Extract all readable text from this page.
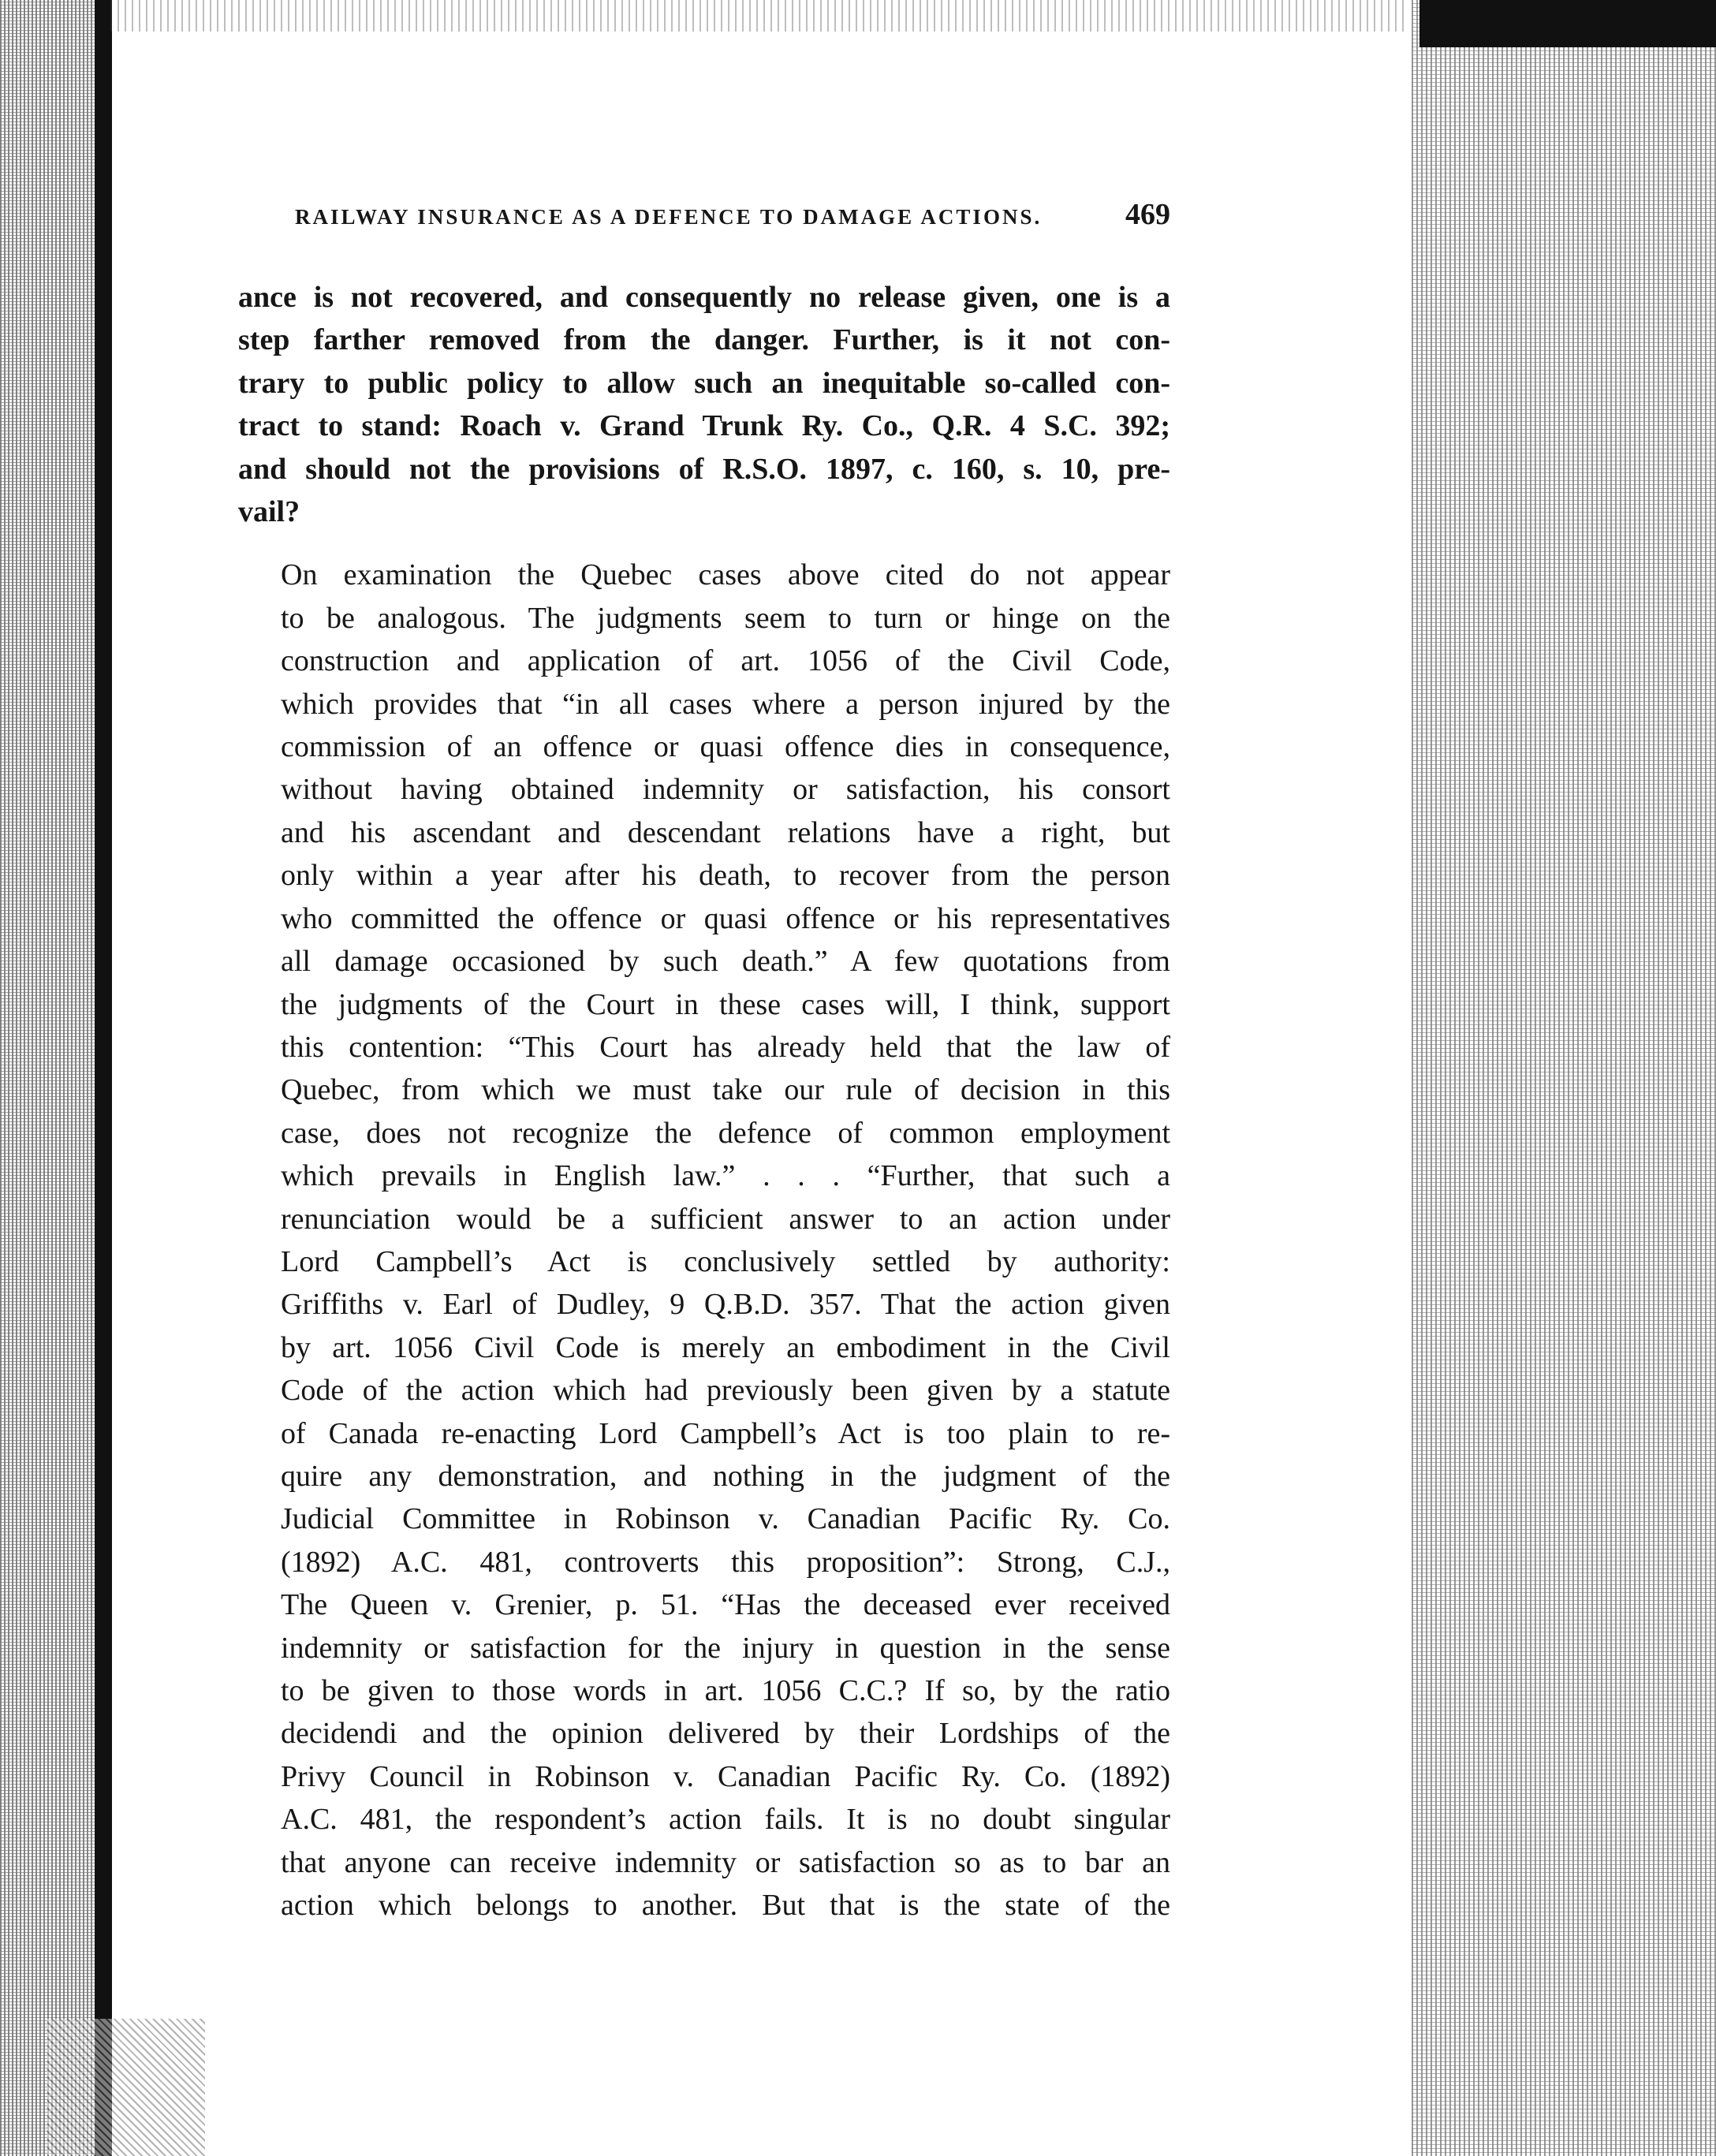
RAILWAY INSURANCE AS A DEFENCE TO DAMAGE ACTIONS.	469

ance is not recovered, and consequently no release given, one is a
step farther removed from the danger. Further, is it not con-
trary to public policy to allow such an inequitable so-called con-
tract to stand: Roach v. Grand Trunk Ry. Co., Q.R. 4 S.C. 392;
and should not the provisions of R.S.O. 1897, c. 160, s. 10, pre-
vail?

On examination the Quebec cases above cited do not appear
to be analogous. The judgments seem to turn or hinge on the
construction and application of art. 1056 of the Civil Code,
which provides that “in all cases where a person injured by the
commission of an offence or quasi offence dies in consequence,
without having obtained indemnity or satisfaction, his consort
and his ascendant and descendant relations have a right, but
only within a year after his death, to recover from the person
who committed the offence or quasi offence or his representatives
all damage occasioned by such death.” A few quotations from
the judgments of the Court in these cases will, I think, support
this contention: “This Court has already held that the law of
Quebec, from which we must take our rule of decision in this
case, does not recognize the defence of common employment
which prevails in English law.” . . . “Further, that such a
renunciation would be a sufficient answer to an action under
Lord Campbell’s Act is conclusively settled by authority:
Griffiths v. Earl of Dudley, 9 Q.B.D. 357. That the action given
by art. 1056 Civil Code is merely an embodiment in the Civil
Code of the action which had previously been given by a statute
of Canada re-enacting Lord Campbell’s Act is too plain to re-
quire any demonstration, and nothing in the judgment of the
Judicial Committee in Robinson v. Canadian Pacific Ry. Co.
(1892) A.C. 481, controverts this proposition”: Strong, C.J.,
The Queen v. Grenier, p. 51. “Has the deceased ever received
indemnity or satisfaction for the injury in question in the sense
to be given to those words in art. 1056 C.C.? If so, by the ratio
decidendi and the opinion delivered by their Lordships of the
Privy Council in Robinson v. Canadian Pacific Ry. Co. (1892)
A.C. 481, the respondent’s action fails. It is no doubt singular
that anyone can receive indemnity or satisfaction so as to bar an
action which belongs to another. But that is the state of the
